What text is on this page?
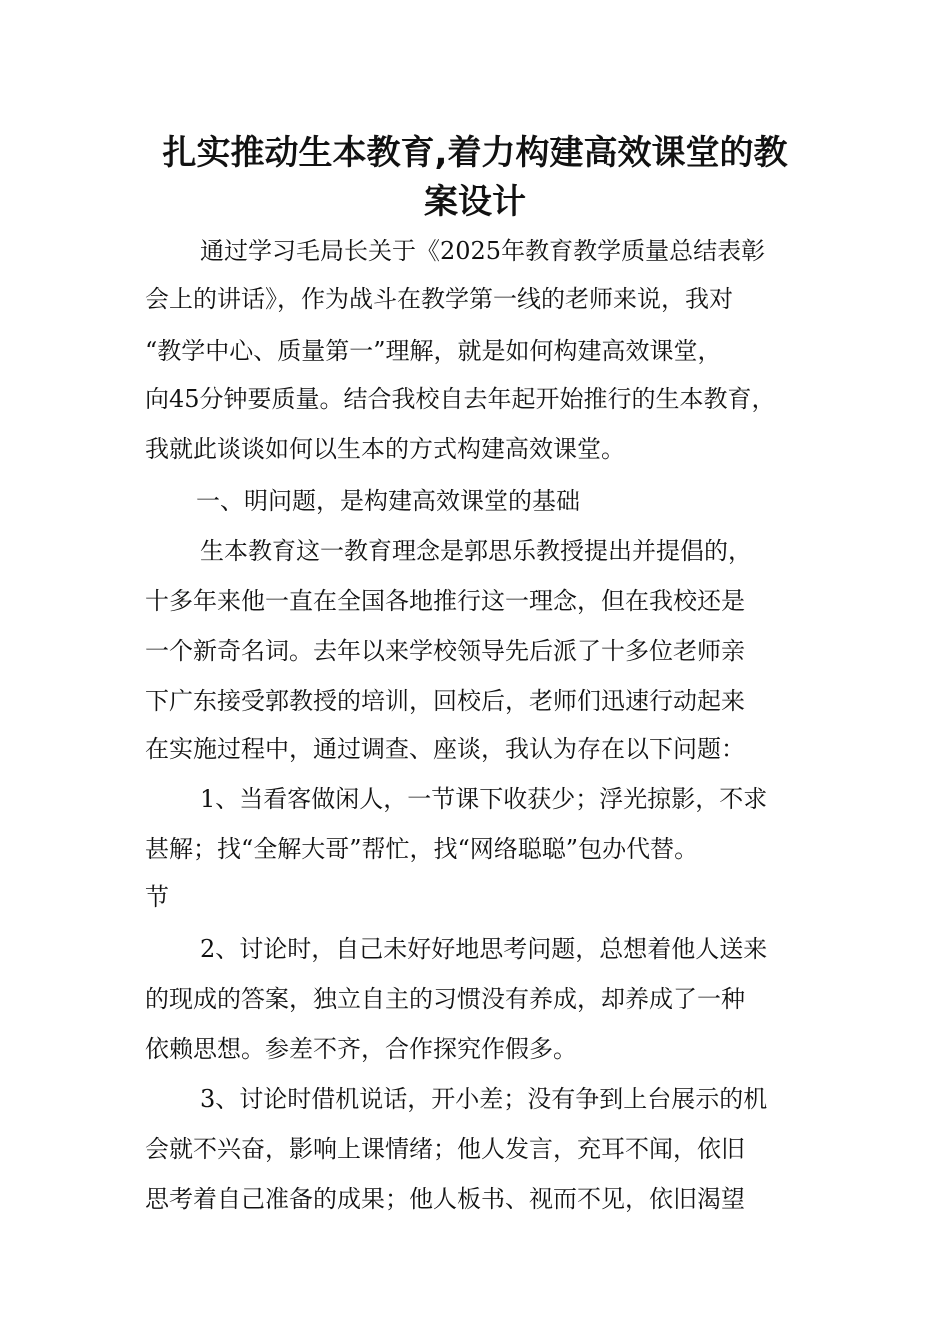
扎实推动生本教育,着力构建高效课堂的教
案设计

通过学习毛局长关于《2025年教育教学质量总结表彰

会上的讲话》，作为战斗在教学第一线的老师来说，我对

“教学中心、质量第一”理解，就是如何构建高效课堂，

向45分钟要质量。结合我校自去年起开始推行的生本教育，

我就此谈谈如何以生本的方式构建高效课堂。

一、明问题，是构建高效课堂的基础

生本教育这一教育理念是郭思乐教授提出并提倡的，

十多年来他一直在全国各地推行这一理念，但在我校还是

一个新奇名词。去年以来学校领导先后派了十多位老师亲

下广东接受郭教授的培训，回校后，老师们迅速行动起来

在实施过程中，通过调查、座谈，我认为存在以下问题：

1、当看客做闲人，一节课下收获少；浮光掠影，不求

甚解；找“全解大哥”帮忙，找“网络聪聪”包办代替。

节

2、讨论时，自己未好好地思考问题，总想着他人送来

的现成的答案，独立自主的习惯没有养成，却养成了一种

依赖思想。参差不齐，合作探究作假多。

3、讨论时借机说话，开小差；没有争到上台展示的机

会就不兴奋，影响上课情绪；他人发言，充耳不闻，依旧

思考着自己准备的成果；他人板书、视而不见，依旧渴望
